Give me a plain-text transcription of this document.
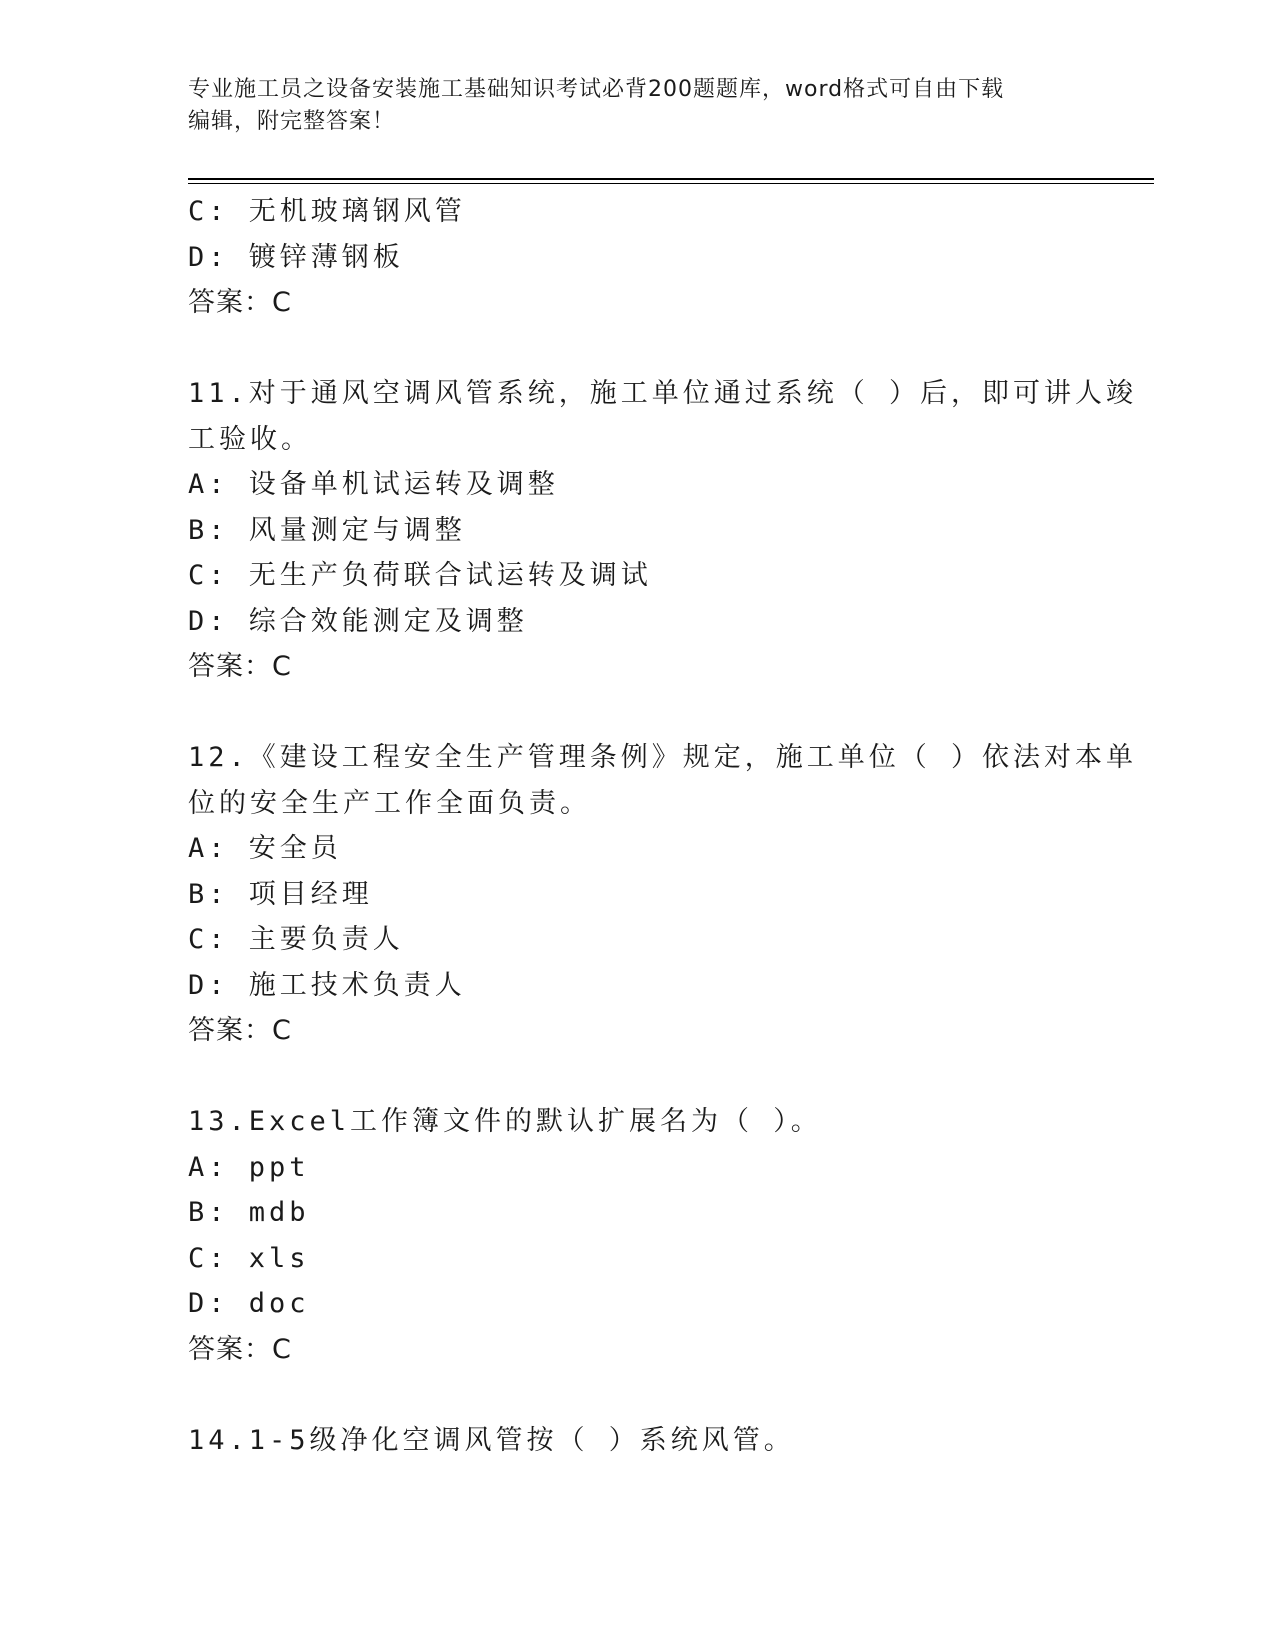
专业施工员之设备安装施工基础知识考试必背200题题库，word格式可自由下载
编辑，附完整答案！
C: 无机玻璃钢风管
D: 镀锌薄钢板
答案：C
11.对于通风空调风管系统，施工单位通过系统（ ）后，即可讲人竣
工验收。
A: 设备单机试运转及调整
B: 风量测定与调整
C: 无生产负荷联合试运转及调试
D: 综合效能测定及调整
答案：C
12.《建设工程安全生产管理条例》规定，施工单位（ ）依法对本单
位的安全生产工作全面负责。
A: 安全员
B: 项目经理
C: 主要负责人
D: 施工技术负责人
答案：C
13.Excel工作簿文件的默认扩展名为（ ）。
A: ppt
B: mdb
C: xls
D: doc
答案：C
14.1-5级净化空调风管按（ ）系统风管。
